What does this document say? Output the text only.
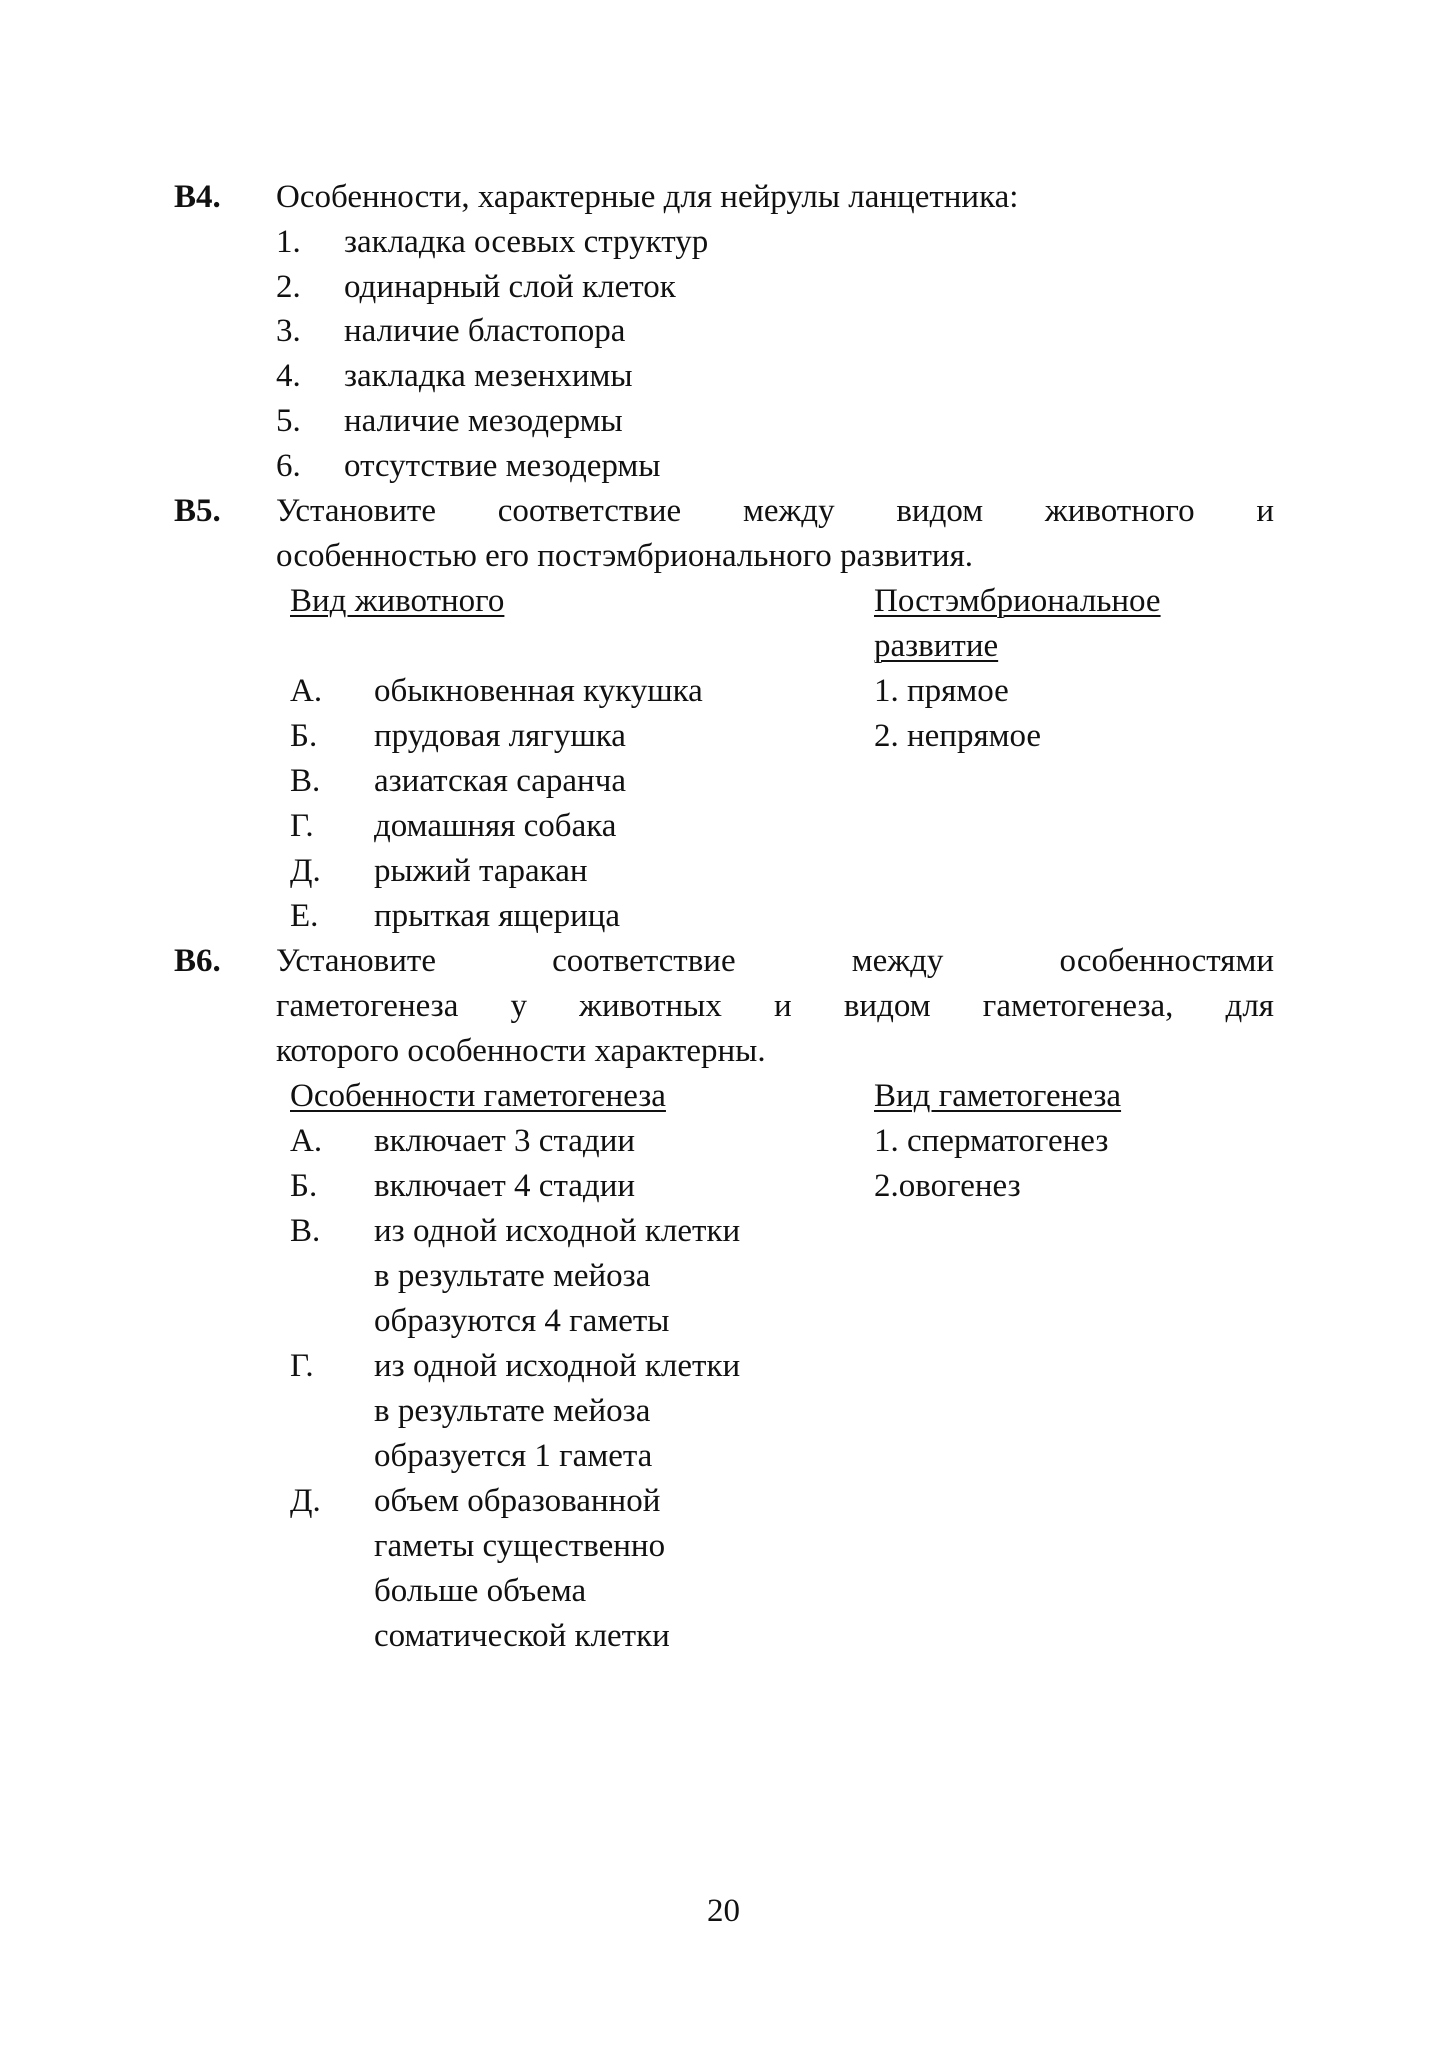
В4. Особенности, характерные для нейрулы ланцетника:
1. закладка осевых структур
2. одинарный слой клеток
3. наличие бластопора
4. закладка мезенхимы
5. наличие мезодермы
6. отсутствие мезодермы
В5. Установите соответствие между видом животного и
особенностью его постэмбрионального развития.
Вид животного	Постэмбриональное
развитие
А. обыкновенная кукушка	1. прямое
Б. прудовая лягушка	2. непрямое
В. азиатская саранча
Г. домашняя собака
Д. рыжий таракан
Е. прыткая ящерица
В6. Установите соответствие между особенностями
гаметогенеза у животных и видом гаметогенеза, для
которого особенности характерны.
Особенности гаметогенеза	Вид гаметогенеза
А. включает 3 стадии	1. сперматогенез
Б. включает 4 стадии	2.овогенез
В. из одной исходной клетки
в результате мейоза
образуются 4 гаметы
Г. из одной исходной клетки
в результате мейоза
образуется 1 гамета
Д. объем образованной
гаметы существенно
больше объема
соматической клетки
20
